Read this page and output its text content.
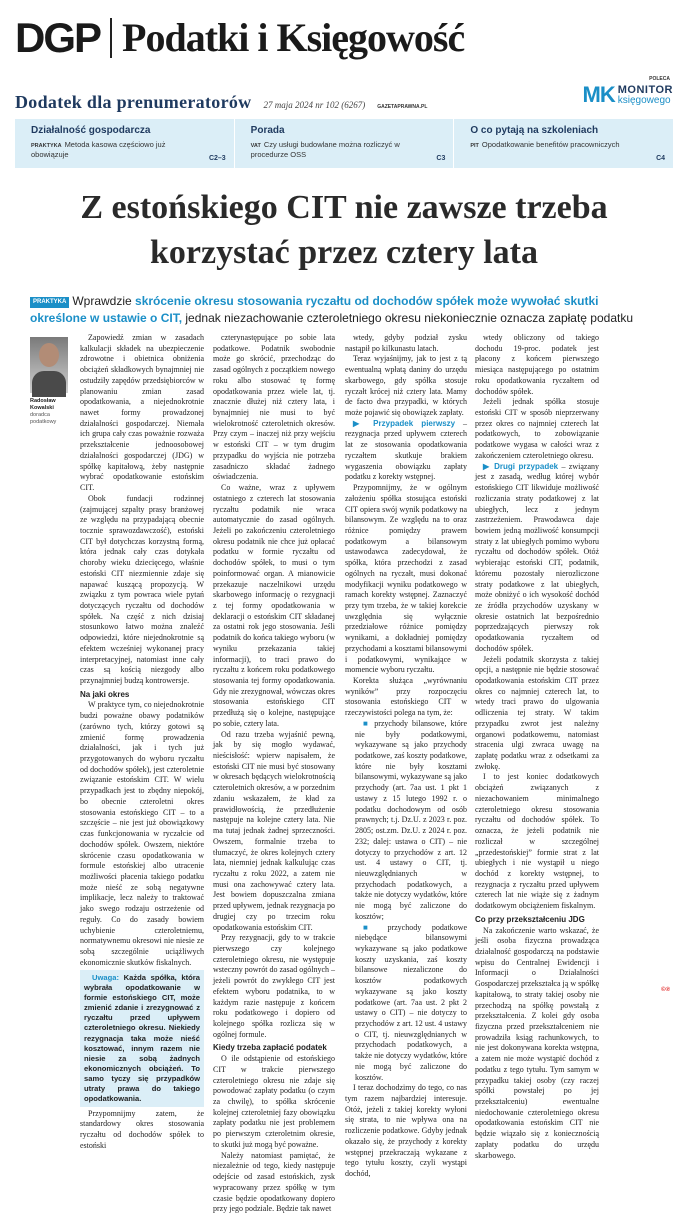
DGP Podatki i Księgowość
POLECA
MK MONITOR
księgowego
Dodatek dla prenumeratorów 27 maja 2024 nr 102 (6267) GAZETAPRAWNA.PL
Działalność gospodarcza
PRAKTYKA Metoda kasowa częściowo już obowiązuje	C2–3
Porada
VAT Czy usługi budowlane można rozliczyć w procedurze OSS	C3
O co pytają na szkoleniach
PIT Opodatkowanie benefitów pracowniczych
C4
Z estońskiego CIT nie zawsze trzeba korzystać przez cztery lata
PRAKTYKA Wprawdzie skrócenie okresu stosowania ryczałtu od dochodów spółek może wywołać skutki określone w ustawie o CIT, jednak niezachowanie czteroletniego okresu niekoniecznie oznacza zapłatę podatku
Radosław Kowalski
doradca podatkowy

Zapowiedź zmian w zasadach kalkulacji składek na ubezpieczenie zdrowotne i obietnica obniżenia obciążeń składkowych bynajmniej nie ostudziły zapędów przedsiębiorców w planowaniu zmian zasad opodatkowania, a niejednokrotnie nawet formy prowadzonej działalności gospodarczej. Niemała ich grupa cały czas poważnie rozważa przekształcenie jednoosobowej działalności gospodarczej (JDG) w spółkę kapitałową, żeby następnie wybrać opodatkowanie estońskim CIT.

Obok fundacji rodzinnej (zajmującej szpalty prasy branżowej ze względu na przypadającą obecnie tocznie sprawozdawczość), estoński CIT był dotychczas korzystną formą, która jednak cały czas dotykała choroby wieku dziecięcego, właśnie estoński CIT niezmiennie zdaje się napawać kuszącą propozycją. W związku z tym powraca wiele pytań dotyczących ryczałtu od dochodów spółek. Na część z nich dzisiaj stosunkowo łatwo można znaleźć odpowiedzi, które niejednokrotnie są efektem wcześniej wykonanej pracy interpretacyjnej, natomiast inne cały czas są kością niezgody albo przynajmniej budzą kontrowersje.

Na jaki okres

W praktyce tym, co niejednokrotnie budzi poważne obawy podatników (zarówno tych, którzy gotowi są zmienić formę prowadzenia działalności, jak i tych już przygotowanych do wyboru ryczałtu od dochodów spółek), jest czteroletnie związanie estońskim CIT. W wielu przypadkach jest to zbędny niepokój, bo obecnie czteroletni okres stosowania estońskiego CIT – to a szczęście – nie jest już obowiązkowy czas funkcjonowania w ryczałcie od dochodów spółek. Owszem, niektóre skrócenie czasu opodatkowania w formule estońskiej albo utracenie możliwości płacenia takiego podatku może nieść ze sobą negatywne implikacje, lecz należy to traktować jako swego rodzaju ostrzeżenie od reguły. Co do zasady bowiem uchybienie czteroletniemu, normatywnemu okresowi nie niesie ze sobą szczególnie uciążliwych ekonomicznie skutków fiskalnych.

Uwaga: Każda spółka, która wybrała opodatkowanie w formie estońskiego CIT, może zmienić zdanie i zrezygnować z ryczałtu przed upływem czteroletniego okresu. Niekiedy rezygnacja taka może nieść kosztować, innym razem nie niesie za sobą żadnych ekonomicznych obciążeń. To samo tyczy się przypadków utraty prawa do takiego opodatkowania.

Przypomnijmy zatem, że standardowy okres stosowania ryczałtu od dochodów spółek to estoński

czterynastępujące po sobie lata podatkowe. Podatnik swobodnie może go skrócić, przechodząc do zasad ogólnych z początkiem nowego roku albo stosować tę formę opodatkowania przez wiele lat, tj. znacznie dłużej niż cztery lata, i bynajmniej nie musi to być wielokrotność czteroletnich okresów. Przy czym – inaczej niż przy wejściu w estoński CIT – w tym drugim przypadku do wyjścia nie potrzeba zasadniczo składać żadnego oświadczenia.

Co ważne, wraz z upływem ostatniego z czterech lat stosowania ryczałtu podatnik nie wraca automatycznie do zasad ogólnych. Jeżeli po zakończeniu czteroletniego okresu podatnik nie chce już opłacać podatku w formie ryczałtu od dochodów spółek, to musi o tym poinformować organ. A mianowicie przekazuje naczelnikowi urzędu skarbowego informację o rezygnacji z tej formy opodatkowania w deklaracji o estońskim CIT składanej za ostatni rok jego stosowania. Jeśli podatnik do końca takiego wyboru (w wyniku przekazania takiej informacji), to traci prawo do ryczałtu z końcem roku podatkowego stosowania tej formy opodatkowania. Gdy nie zrezygnował, wówczas okres stosowania estońskiego CIT przedłużą się o kolejne, następujące po sobie, cztery lata.

Od razu trzeba wyjaśnić pewną, jak by się mogło wydawać, nieścisłość: wpierw napisałem, że estoński CIT nie musi być stosowany w okresach będących wielokrotnością czteroletnich okresów, a w porzednim zdaniu wskazałem, że kład za prawidłowością, że przedłużenie następuje na kolejne cztery lata. Nie ma tutaj jednak żadnej sprzeczności. Owszem, formalnie trzeba to tłumaczyć, że okres kolejnych cztery lata, niemniej jednak kalkulując czas ryczałtu z roku 2022, a zatem nie musi ona zachowywać cztery lata. Jest bowiem dopuszczalna zmiana przed upływem, jednak rezygnacja po drugiej czy po trzecim roku opodatkowania estońskim CIT.

Przy rezygnacji, gdy to w trakcie pierwszego czy kolejnego czteroletniego okresu, nie występuje wsteczny powrót do zasad ogólnych – jeżeli powrót do zwykłego CIT jest efektem wyboru podatnika, to w każdym razie następuje z końcem roku podatkowego i dopiero od kolejnego spółka rozlicza się w ogólnej formule.

Kiedy trzeba zapłacić podatek

O ile odstąpienie od estońskiego CIT w trakcie pierwszego czteroletniego okresu nie zdaje się powodować zapłaty podatku (o czym za chwilę), to spółka skrócenie kolejnej czteroletniej fazy obowiązku zapłaty podatku nie jest problemem po pierwszym czteroletnim okresie, to skutki już mogą być poważne.

Należy natomiast pamiętać, że niezależnie od tego, kiedy następuje odejście od zasad estońskich, zysk wypracowany przez spółkę w tym czasie będzie opodatkowany dopiero przy jego podziale. Będzie tak nawet

wtedy, gdyby podział zysku nastąpił po kilkunastu latach.

Teraz wyjaśnijmy, jak to jest z tą ewentualną wpłatą daniny do urzędu skarbowego, gdy spółka stosuje ryczałt krócej niż cztery lata. Mamy de facto dwa przypadki, w których może pojawić się obowiązek zapłaty.

▶ Przypadek pierwszy – rezygnacja przed upływem czterech lat ze stosowania opodatkowania ryczałtem skutkuje brakiem wygaszenia obowiązku zapłaty podatku z korekty wstępnej.

Przypomnijmy, że w ogólnym założeniu spółka stosująca estoński CIT opiera swój wynik podatkowy na bilansowym. Ze względu na to oraz różnice pomiędzy prawem podatkowym a bilansowym ustawodawca zadecydował, że spółka, która przechodzi z zasad ogólnych na ryczałt, musi dokonać modyfikacji wyniku podatkowego w ramach korekty wstępnej. Zaznaczyć przy tym trzeba, że w takiej korekcie uwzględnia się wyłącznie przedziałowe różnice pomiędzy wynikami, a dokładniej pomiędzy przychodami a kosztami bilansowymi i podatkowymi, wynikające w momencie wyboru ryczałtu.

Korekta służąca „wyrównaniu wyników” przy rozpoczęciu stosowania estońskiego CIT w rzeczywistości polega na tym, że:

■ przychody bilansowe, które nie były podatkowymi, wykazywane są jako przychody podatkowe, zaś koszty podatkowe, które nie były kosztami bilansowymi, wykazywane są jako przychody (art. 7aa ust. 1 pkt 1 ustawy z 15 lutego 1992 r. o podatku dochodowym od osób prawnych; t.j. Dz.U. z 2023 r. poz. 2805; ost.zm. Dz.U. z 2024 r. poz. 232; dalej: ustawa o CIT) – nie dotyczy to przychodów z art. 12 ust. 4 ustawy o CIT, tj. nieuwzględnianych w przychodach podatkowych, a także nie dotyczy wydatków, które nie mogą być zaliczone do kosztów;

■ przychody podatkowe niebędące bilansowymi wykazywane są jako podatkowe koszty uzyskania, zaś koszty bilansowe niezaliczone do kosztów podatkowych wykazywane są jako koszty podatkowe (art. 7aa ust. 2 pkt 2 ustawy o CIT) – nie dotyczy to przychodów z art. 12 ust. 4 ustawy o CIT, tj. nieuwzględnianych w przychodach podatkowych, a także nie dotyczy wydatków, które nie mogą być zaliczone do kosztów.

I teraz dochodzimy do tego, co nas tym razem najbardziej interesuje. Otóż, jeżeli z takiej korekty wyłoni się strata, to nie wpływa ona na rozliczenie podatkowe. Gdyby jednak okazało się, że przychody z korekty wstępnej przekraczają wykazane z tego tytułu koszty, czyli wystąpi dochód,

wtedy obliczony od takiego dochodu 19-proc. podatek jest płacony z końcem pierwszego miesiąca następującego po ostatnim roku opodatkowania ryczałtem od dochodów spółek.

Jeżeli jednak spółka stosuje estoński CIT w sposób nieprzerwany przez okres co najmniej czterech lat podatkowych, to zobowiązanie podatkowe wygasa w całości wraz z zakończeniem czteroletniego okresu.

▶ Drugi przypadek – związany jest z zasadą, według której wybór estońskiego CIT likwiduje możliwość rozliczania straty podatkowej z lat ubiegłych, lecz z jednym zastrzeżeniem. Prawodawca daje bowiem jedną możliwość konsumpcji straty z lat ubiegłych pomimo wyboru ryczałtu od dochodów spółek. Otóż wybierając estoński CIT, podatnik, któremu pozostały nierozliczone straty podatkowe z lat ubiegłych, może obniżyć o ich wysokość dochód ze źródła przychodów uzyskany w okresie ostatnich lat bezpośrednio poprzedzających pierwszy rok opodatkowania ryczałtem od dochodów spółek.

Jeżeli podatnik skorzysta z takiej opcji, a następnie nie będzie stosować opodatkowania estońskim CIT przez okres co najmniej czterech lat, to wtedy traci prawo do ulgowania odliczenia tej straty. W takim przypadku zwrot jest należny organowi podatkowemu, natomiast stracenia ulgi zwraca uwagę na zapłatę podatku wraz z odsetkami za zwłokę.

I to jest koniec dodatkowych obciążeń związanych z niezachowaniem minimalnego czteroletniego okresu stosowania ryczałtu od dochodów spółek. To oznacza, że jeżeli podatnik nie rozliczał w szczególnej „przedestońskiej” formie strat z lat ubiegłych i nie wystąpił u niego dochód z korekty wstępnej, to rezygnacja z ryczałtu przed upływem czterech lat nie wiąże się z żadnym dodatkowym obciążeniem fiskalnym.

Co przy przekształceniu JDG

Na zakończenie warto wskazać, że jeśli osoba fizyczna prowadząca działalność gospodarczą na podstawie wpisu do Centralnej Ewidencji i Informacji o Działalności Gospodarczej przekształca ją w spółkę kapitałową, to straty takiej osoby nie przechodzą na spółkę powstałą z przekształcenia. Z kolei gdy osoba fizyczna przed przekształceniem nie prowadziła ksiąg rachunkowych, to nie jest dokonywana korekta wstępna, a zatem nie może wystąpić dochód z podatku z tego tytułu. Tym samym w przypadku takiej osoby (czy raczej spółki powstałej po jej przekształceniu) ewentualne niedochowanie czteroletniego okresu opodatkowania estońskim CIT nie będzie wiązało się z koniecznością zapłaty podatku do urzędu skarbowego.

©℗
